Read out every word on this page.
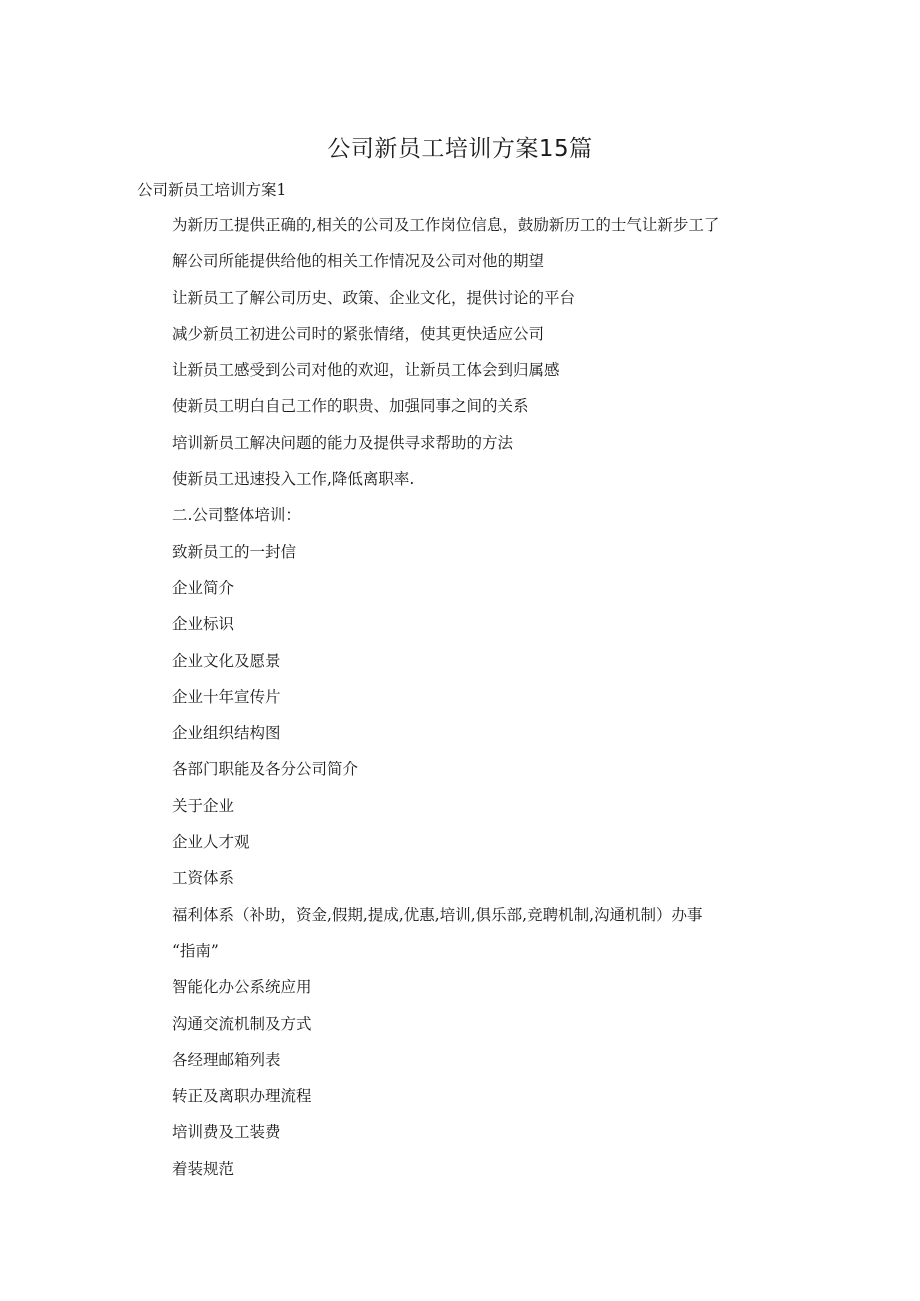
公司新员工培训方案15篇
公司新员工培训方案1
为新历工提供正确的,相关的公司及工作岗位信息，鼓励新历工的士气让新步工了
解公司所能提供给他的相关工作情况及公司对他的期望
让新员工了解公司历史、政策、企业文化，提供讨论的平台
减少新员工初进公司时的紧张情绪，使其更快适应公司
让新员工感受到公司对他的欢迎，让新员工体会到归属感
使新员工明白自己工作的职贵、加强同事之间的关系
培训新员工解决问题的能力及提供寻求帮助的方法
使新员工迅速投入工作,降低离职率.
二.公司整体培训：
致新员工的一封信
企业简介
企业标识
企业文化及愿景
企业十年宣传片
企业组织结构图
各部门职能及各分公司简介
关于企业
企业人才观
工资体系
福利体系（补助，资金,假期,提成,优惠,培训,俱乐部,竞聘机制,沟通机制）办事
“指南”
智能化办公系统应用
沟通交流机制及方式
各经理邮箱列表
转正及离职办理流程
培训费及工装费
着装规范
